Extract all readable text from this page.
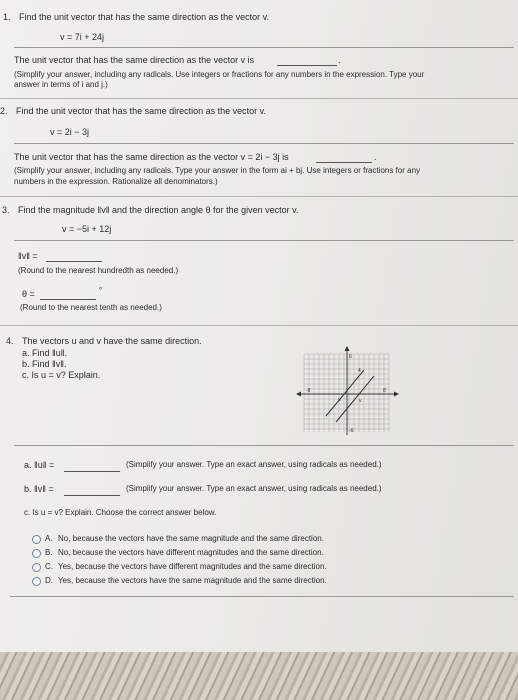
1. Find the unit vector that has the same direction as the vector v.
v = 7i + 24j
The unit vector that has the same direction as the vector v is	.
(Simplify your answer, including any radicals. Use integers or fractions for any numbers in the expression. Type your
answer in terms of i and j.)
2. Find the unit vector that has the same direction as the vector v.
v = 2i − 3j
The unit vector that has the same direction as the vector v = 2i − 3j is	.
(Simplify your answer, including any radicals. Type your answer in the form ai + bj. Use integers or fractions for any
numbers in the expression. Rationalize all denominators.)
3. Find the magnitude ‖v‖ and the direction angle θ for the given vector v.
v = −5i + 12j
‖v‖ =
(Round to the nearest hundredth as needed.)
θ =	°
(Round to the nearest tenth as needed.)
4. The vectors u and v have the same direction.
a. Find ‖u‖.
b. Find ‖v‖.
c. Is u = v? Explain.
6
4
-6
-8	8
u	v
a. ‖u‖ =	(Simplify your answer. Type an exact answer, using radicals as needed.)
b. ‖v‖ =	(Simplify your answer. Type an exact answer, using radicals as needed.)
c. Is u = v? Explain. Choose the correct answer below.
A. No, because the vectors have the same magnitude and the same direction.
B. No, because the vectors have different magnitudes and the same direction.
C. Yes, because the vectors have different magnitudes and the same direction.
D. Yes, because the vectors have the same magnitude and the same direction.
